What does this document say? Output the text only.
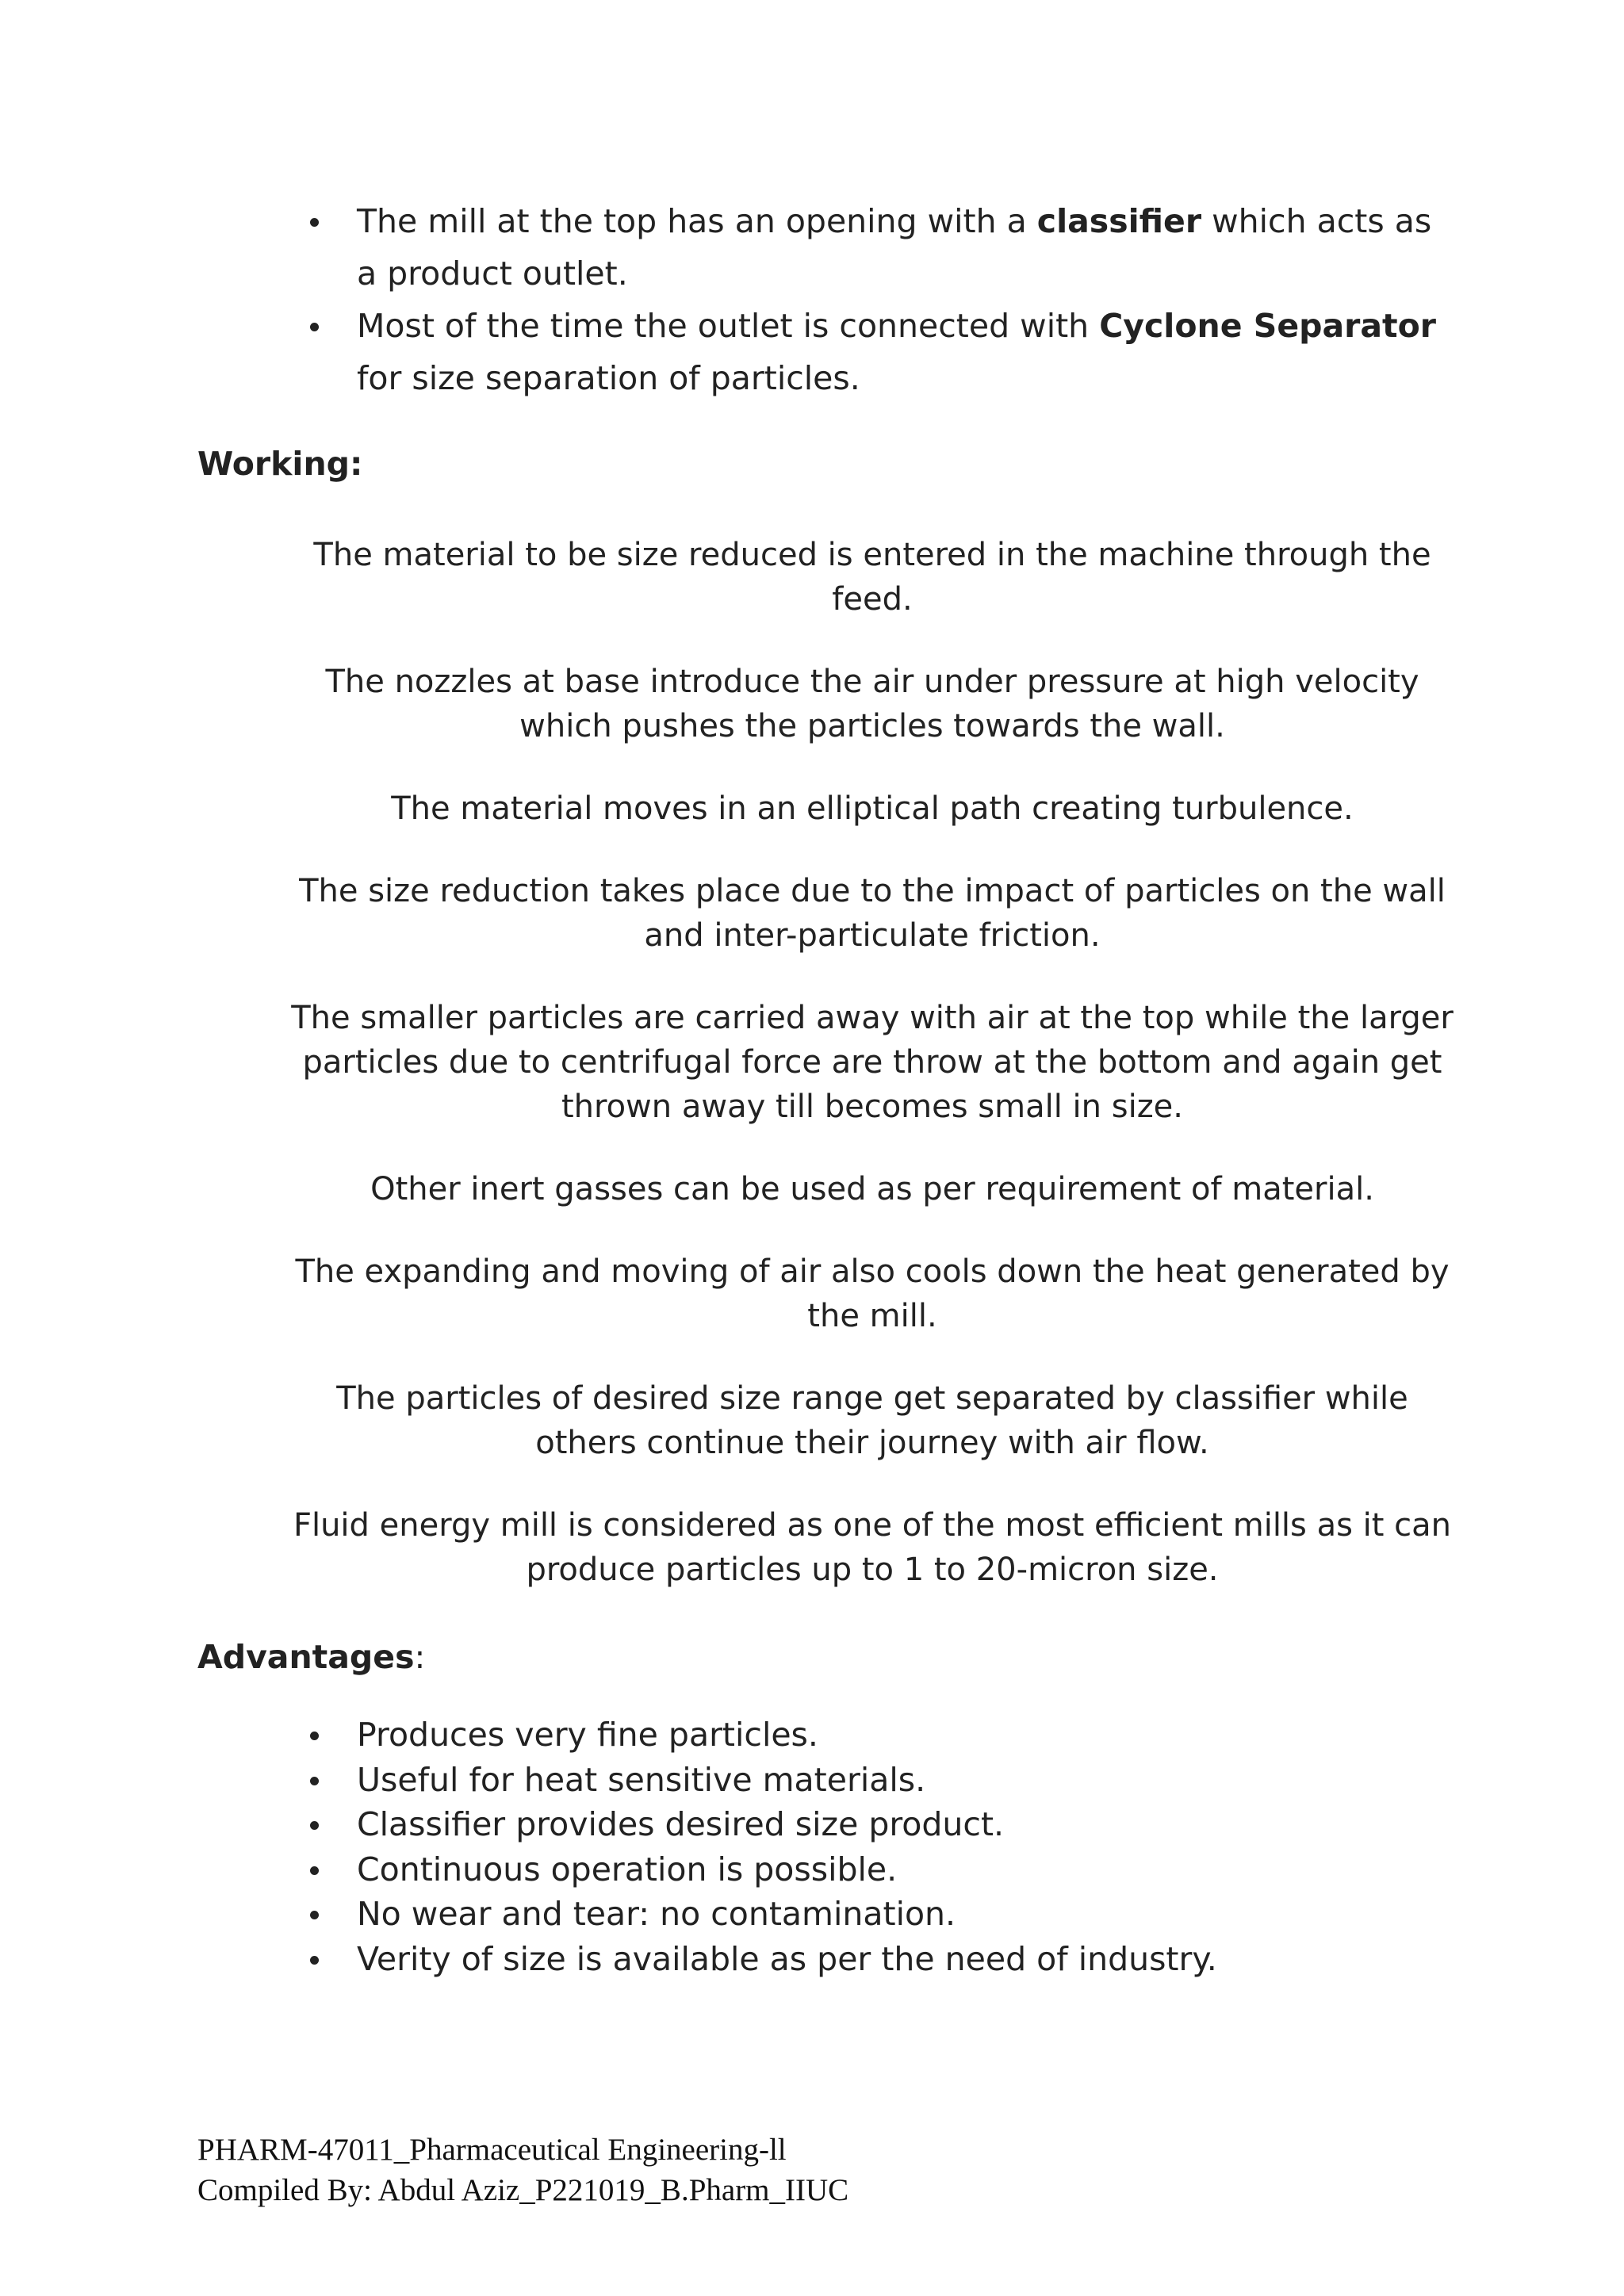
The mill at the top has an opening with a classifier which acts as a product outlet.
Most of the time the outlet is connected with Cyclone Separator for size separation of particles.
Working:

The material to be size reduced is entered in the machine through the feed.

The nozzles at base introduce the air under pressure at high velocity which pushes the particles towards the wall.

The material moves in an elliptical path creating turbulence.

The size reduction takes place due to the impact of particles on the wall and inter-particulate friction.

The smaller particles are carried away with air at the top while the larger particles due to centrifugal force are throw at the bottom and again get thrown away till becomes small in size.

Other inert gasses can be used as per requirement of material.

The expanding and moving of air also cools down the heat generated by the mill.

The particles of desired size range get separated by classifier while others continue their journey with air flow.

Fluid energy mill is considered as one of the most efficient mills as it can produce particles up to 1 to 20-micron size.

Advantages:
Produces very fine particles.
Useful for heat sensitive materials.
Classifier provides desired size product.
Continuous operation is possible.
No wear and tear: no contamination.
Verity of size is available as per the need of industry.
PHARM-47011_Pharmaceutical Engineering-ll
Compiled By: Abdul Aziz_P221019_B.Pharm_IIUC
